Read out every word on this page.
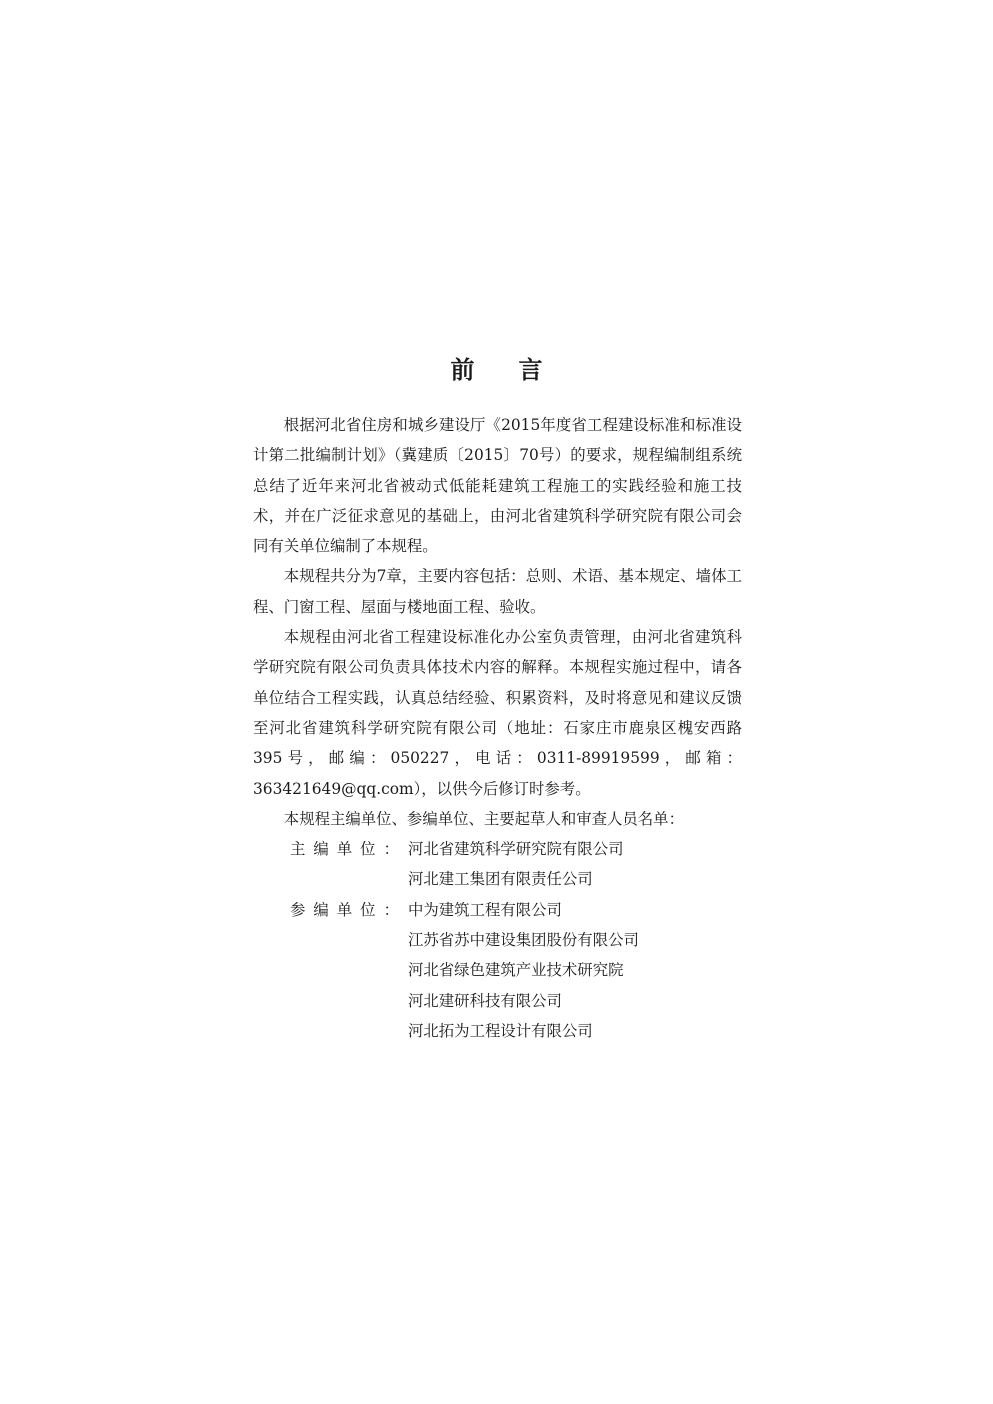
前言

根据河北省住房和城乡建设厅《2015年度省工程建设标准和标准设计第二批编制计划》（冀建质〔2015〕70号）的要求，规程编制组系统总结了近年来河北省被动式低能耗建筑工程施工的实践经验和施工技术，并在广泛征求意见的基础上，由河北省建筑科学研究院有限公司会同有关单位编制了本规程。

本规程共分为7章，主要内容包括：总则、术语、基本规定、墙体工程、门窗工程、屋面与楼地面工程、验收。

本规程由河北省工程建设标准化办公室负责管理，由河北省建筑科学研究院有限公司负责具体技术内容的解释。本规程实施过程中，请各单位结合工程实践，认真总结经验、积累资料，及时将意见和建议反馈至河北省建筑科学研究院有限公司（地址：石家庄市鹿泉区槐安西路395号，邮编：050227，电话：0311-89919599，邮箱：363421649@qq.com），以供今后修订时参考。

本规程主编单位、参编单位、主要起草人和审查人员名单：

主编单位： 河北省建筑科学研究院有限公司
河北建工集团有限责任公司
参编单位： 中为建筑工程有限公司
江苏省苏中建设集团股份有限公司
河北省绿色建筑产业技术研究院
河北建研科技有限公司
河北拓为工程设计有限公司
